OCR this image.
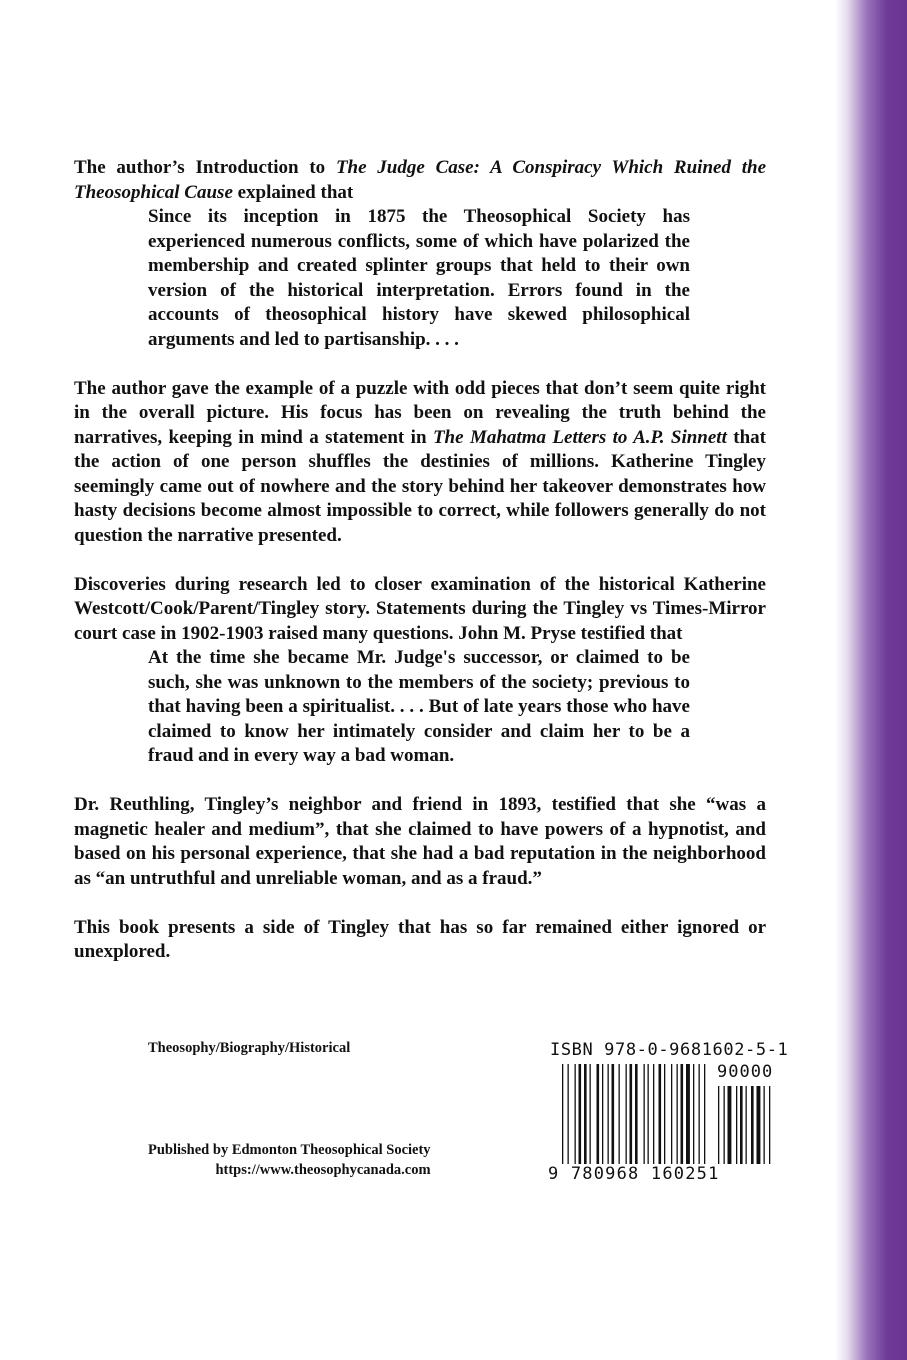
The author’s Introduction to The Judge Case: A Conspiracy Which Ruined the Theosophical Cause explained that

Since its inception in 1875 the Theosophical Society has experienced numerous conflicts, some of which have polarized the membership and created splinter groups that held to their own version of the historical interpretation. Errors found in the accounts of theosophical history have skewed philosophical arguments and led to partisanship. . . .

The author gave the example of a puzzle with odd pieces that don’t seem quite right in the overall picture. His focus has been on revealing the truth behind the narratives, keeping in mind a statement in The Mahatma Letters to A.P. Sinnett that the action of one person shuffles the destinies of millions. Katherine Tingley seemingly came out of nowhere and the story behind her takeover demonstrates how hasty decisions become almost impossible to correct, while followers generally do not question the narrative presented.

Discoveries during research led to closer examination of the historical Katherine Westcott/Cook/Parent/Tingley story. Statements during the Tingley vs Times-Mirror court case in 1902-1903 raised many questions. John M. Pryse testified that

At the time she became Mr. Judge's successor, or claimed to be such, she was unknown to the members of the society; previous to that having been a spiritualist. . . . But of late years those who have claimed to know her intimately consider and claim her to be a fraud and in every way a bad woman.

Dr. Reuthling, Tingley’s neighbor and friend in 1893, testified that she “was a magnetic healer and medium”, that she claimed to have powers of a hypnotist, and based on his personal experience, that she had a bad reputation in the neighborhood as “an untruthful and unreliable woman, and as a fraud.”

This book presents a side of Tingley that has so far remained either ignored or unexplored.

Theosophy/Biography/Historical
Published by Edmonton Theosophical Society
https://www.theosophycanada.com
ISBN 978-0-9681602-5-1
90000
9 780968 160251
